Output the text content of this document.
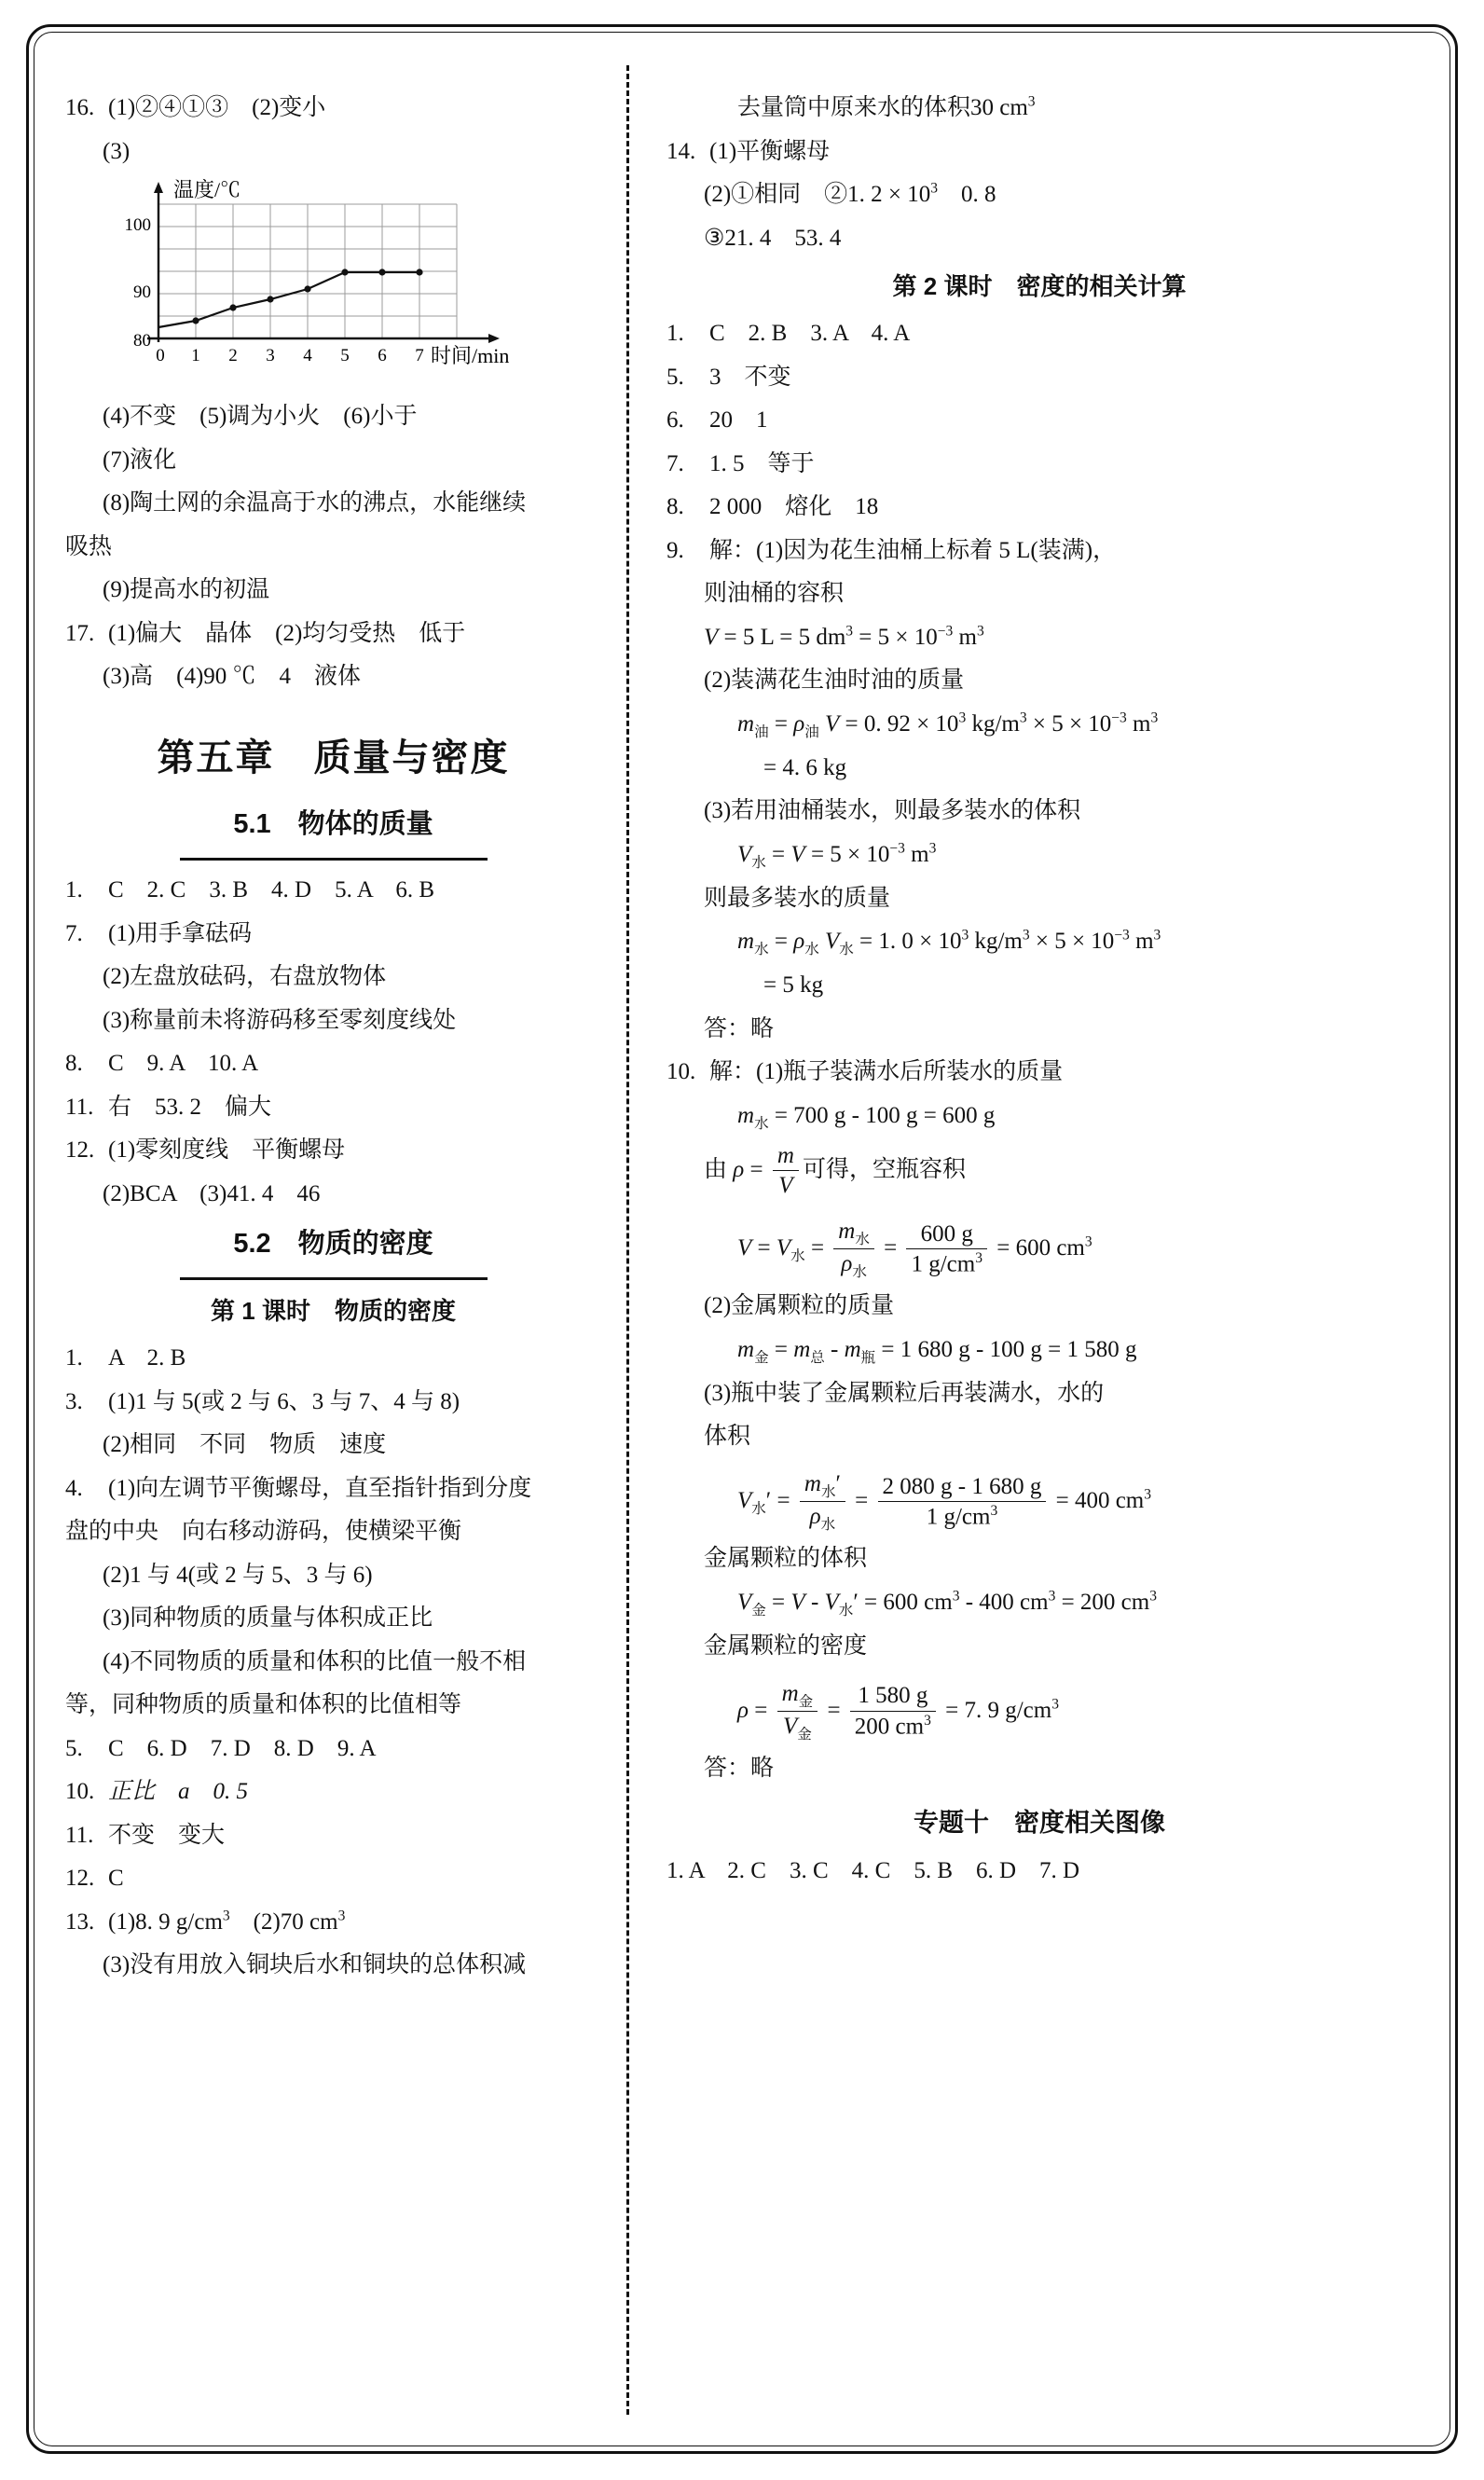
16. (1)②④①③　(2)变小
(3)
100
90
80
0 1 2 3 4 5 6 7
温度/℃
时间/min
(4)不变　(5)调为小火　(6)小于
(7)液化
(8)陶土网的余温高于水的沸点，水能继续
吸热
(9)提高水的初温
17. (1)偏大　晶体　(2)均匀受热　低于
(3)高　(4)90 ℃　4　液体
第五章　质量与密度
5.1　物体的质量
1. C　2. C　3. B　4. D　5. A　6. B
7. (1)用手拿砝码
(2)左盘放砝码，右盘放物体
(3)称量前未将游码移至零刻度线处
8. C　9. A　10. A
11. 右　53. 2　偏大
12. (1)零刻度线　平衡螺母
(2)BCA　(3)41. 4　46
5.2　物质的密度
第 1 课时　物质的密度
1. A　2. B
3. (1)1 与 5(或 2 与 6、3 与 7、4 与 8)
(2)相同　不同　物质　速度
4. (1)向左调节平衡螺母，直至指针指到分度
盘的中央　向右移动游码，使横梁平衡
(2)1 与 4(或 2 与 5、3 与 6)
(3)同种物质的质量与体积成正比
(4)不同物质的质量和体积的比值一般不相
等，同种物质的质量和体积的比值相等
5. C　6. D　7. D　8. D　9. A
10. 正比　a　0. 5
11. 不变　变大
12. C
13. (1)8. 9 $g/cm^3$　(2)70 $cm^3$
(3)没有用放入铜块后水和铜块的总体积减
去量筒中原来水的体积30 $cm^3$
14. (1)平衡螺母
(2)①相同　②1. $2 \times 10^3$　0. 8
③21. 4　53. 4
第 2 课时　密度的相关计算
1. C　2. B　3. A　4. A
5. 3　不变
6. 20　1
7. 1. 5　等于
8. 2 000　熔化　18
9. 解：(1)因为花生油桶上标着 5 L(装满)，
则油桶的容积
V = 5 L = 5 $dm^3 = 5 \times 10^{-3}$ $m^3$
(2)装满花生油时油的质量
$m_油 = \rho_油$ V = 0. $92 \times 10^3$ $kg/m^3 \times 5 \times 10^{-3}$ $m^3$
= 4. 6 kg
(3)若用油桶装水，则最多装水的体积
$V_水 = V = 5 \times 10^{-3}$ $m^3$
则最多装水的质量
$m_水 = \rho_水$ $V_水 = 1$. $0 \times 10^3$ $kg/m^3 \times 5 \times 10^{-3}$ $m^3$
= 5 kg
答：略
10. 解：(1)瓶子装满水后所装水的质量
$m_水 = 700$ g - 100 g = 600 g
由 $\rho = \frac{m}{V}$ 可得，空瓶容积
$V = V_水 = \frac{m_水}{\rho_水} = \frac{600 g}{1 g/cm^3} = 600$ $cm^3$
(2)金属颗粒的质量
$m_金 = m_总 - m_瓶 = 1$ 680 g - 100 g = 1 580 g
(3)瓶中装了金属颗粒后再装满水，水的
体积
$V_水' = \frac{m_水'}{\rho_水} = \frac{2 080 g - 1 680 g}{1 g/cm^3} = 400$ $cm^3$
金属颗粒的体积
$V_金 = V - V_水' = 600$ $cm^3 - 400$ $cm^3 = 200$ $cm^3$
金属颗粒的密度
$\rho = \frac{m_金}{V_金} = \frac{1 580 g}{200 cm^3} = 7$. 9 $g/cm^3$
答：略
专题十　密度相关图像
1. A　2. C　3. C　4. C　5. B　6. D　7. D
